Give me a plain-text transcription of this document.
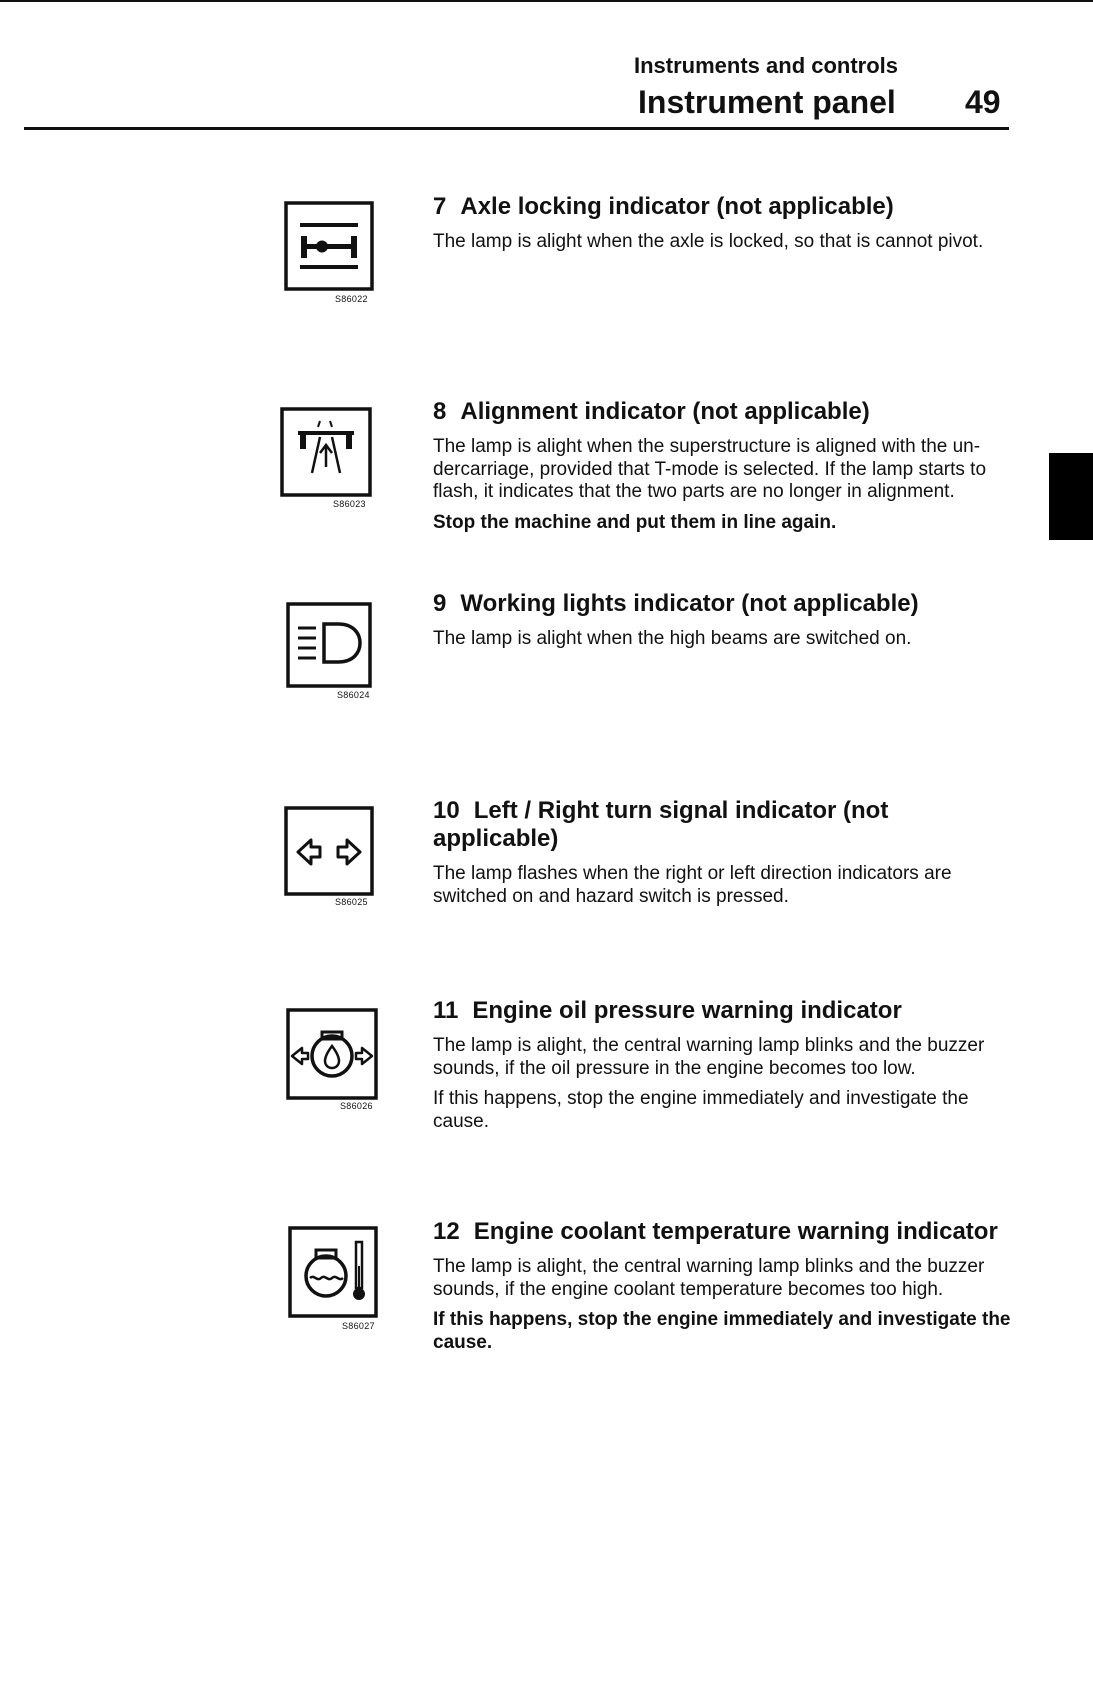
Instruments and controls
Instrument panel 49
S86022
7 Axle locking indicator (not applicable)

The lamp is alight when the axle is locked, so that is cannot pivot.

S86023
8 Alignment indicator (not applicable)

The lamp is alight when the superstructure is aligned with the un-dercarriage, provided that T-mode is selected. If the lamp starts to flash, it indicates that the two parts are no longer in alignment.

Stop the machine and put them in line again.

S86024
9 Working lights indicator (not applicable)

The lamp is alight when the high beams are switched on.

S86025
10 Left / Right turn signal indicator (not applicable)

The lamp flashes when the right or left direction indicators are switched on and hazard switch is pressed.

S86026
11 Engine oil pressure warning indicator

The lamp is alight, the central warning lamp blinks and the buzzer sounds, if the oil pressure in the engine becomes too low.

If this happens, stop the engine immediately and investigate the cause.

S86027
12 Engine coolant temperature warning indicator

The lamp is alight, the central warning lamp blinks and the buzzer sounds, if the engine coolant temperature becomes too high.

If this happens, stop the engine immediately and investigate the cause.
